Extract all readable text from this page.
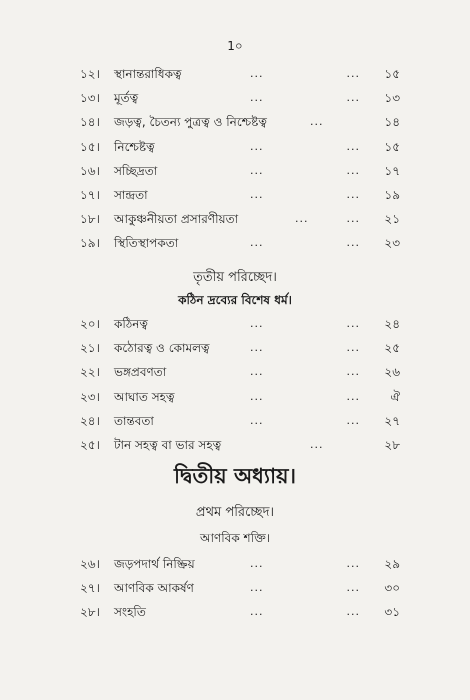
1০
১২।	স্থানান্তরাধিকত্ব	...	...	১৫
১৩।	মূর্তত্ব	...	...	১৩
১৪।	জড়ত্ব, চৈতন্য পুত্রত্ব ও নিশ্চেষ্টত্ব	...	১৪
১৫।	নিশ্চেষ্টত্ব	...	...	১৫
১৬।	সচ্ছিদ্রতা	...	...	১৭
১৭।	সান্দ্রতা	...	...	১৯
১৮।	আকুঞ্চনীয়তা প্রসারণীয়তা	...	...	২১
১৯।	স্থিতিস্থাপকতা	...	...	২৩
তৃতীয় পরিচ্ছেদ।
কঠিন দ্রব্যের বিশেষ ধর্ম।
২০।	কঠিনত্ব	...	...	২৪
২১।	কঠোরত্ব ও কোমলত্ব	...	...	২৫
২২।	ভঙ্গপ্রবণতা	...	...	২৬
২৩।	আঘাত সহত্ব	...	...	ঐ
২৪।	তান্তবতা	...	...	২৭
২৫।	টান সহত্ব বা ভার সহত্ব	...	২৮
দ্বিতীয় অধ্যায়।
প্রথম পরিচ্ছেদ।
আণবিক শক্তি।
২৬।	জড়পদার্থ নিষ্ক্রিয়	...	...	২৯
২৭।	আণবিক আকর্ষণ	...	...	৩০
২৮।	সংহতি	...	...	৩১
